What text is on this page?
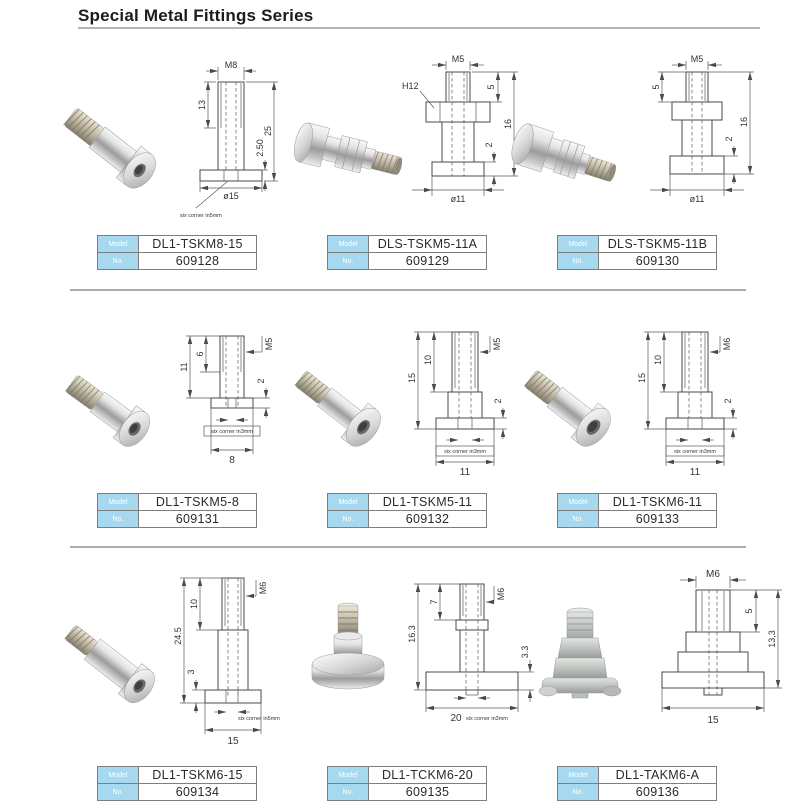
Special Metal Fittings Series
M8
13
25
2.50
ø15
six corner in5mm
M5
H12	5
16
2
ø11
M5
5
16
2
ø11
M5
6
11
2
six corner in3mm
8
15
10
M5
2
six corner in3mm
11
15
10
M6
2
six corner in3mm
11
24.5
10
3
M6
six corner in5mm
15
16.3
7
M6
3.3
20 six corner in3mm
M6
5
13,3
15
Model	DL1-TSKM8-15
No.	609128
Model	DLS-TSKM5-11A
No.	609129
Model	DLS-TSKM5-11B
No.	609130
Model	DL1-TSKM5-8
No.	609131
Model	DL1-TSKM5-11
No.	609132
Model	DL1-TSKM6-11
No.	609133
Model	DL1-TSKM6-15
No.	609134
Model	DL1-TCKM6-20
No.	609135
Model	DL1-TAKM6-A
No.	609136
